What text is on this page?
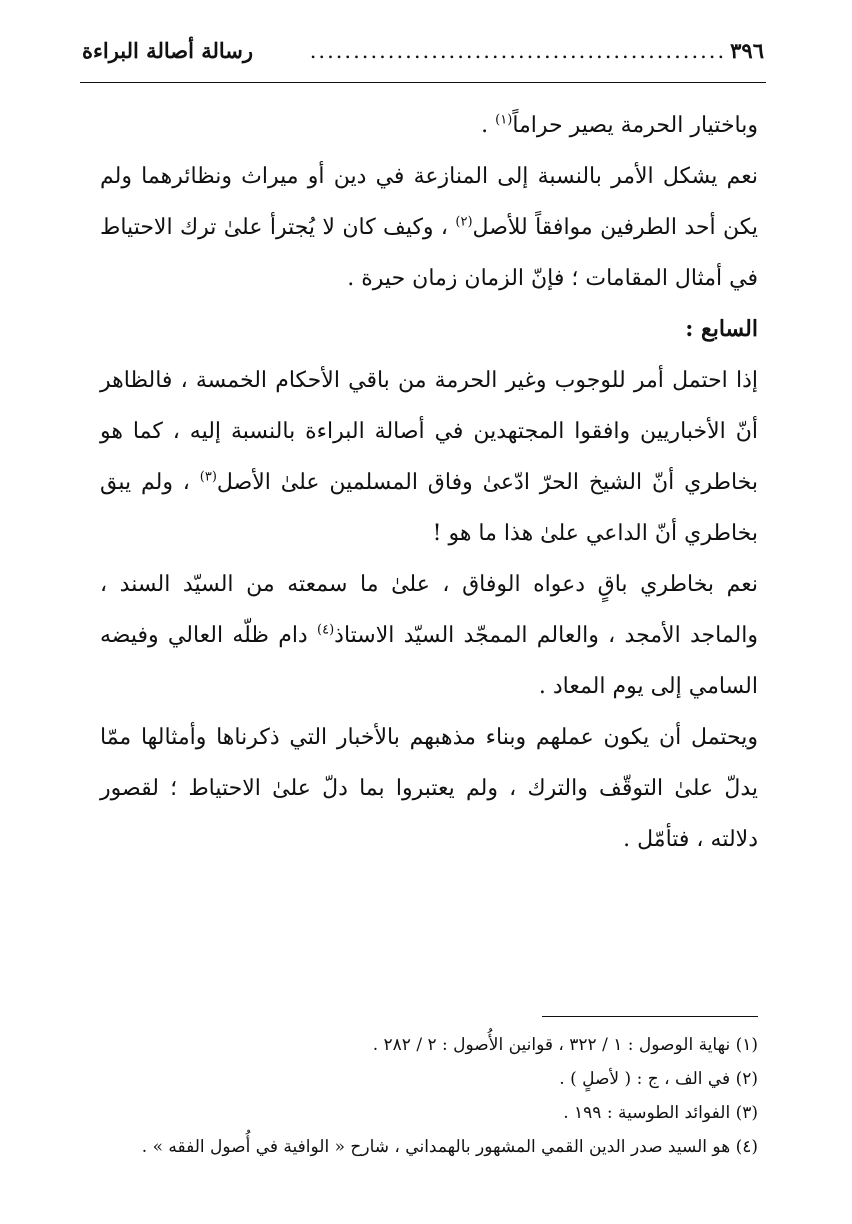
٣٩٦
................................................
رسالة أصالة البراءة

وباختيار الحرمة يصير حراماً$^{(١)}$ .

نعم يشكل الأمر بالنسبة إلى المنازعة في دين أو ميراث ونظائرهما ولم يكن أحد الطرفين موافقاً للأصل$^{(٢)}$ ، وكيف كان لا يُجترأ علىٰ ترك الاحتياط في أمثال المقامات ؛ فإنّ الزمان زمان حيرة .

السابع :

إذا احتمل أمر للوجوب وغير الحرمة من باقي الأحكام الخمسة ، فالظاهر أنّ الأخباريين وافقوا المجتهدين في أصالة البراءة بالنسبة إليه ، كما هو بخاطري أنّ الشيخ الحرّ ادّعىٰ وفاق المسلمين علىٰ الأصل$^{(٣)}$ ، ولم يبق بخاطري أنّ الداعي علىٰ هذا ما هو !

نعم بخاطري باقٍ دعواه الوفاق ، علىٰ ما سمعته من السيّد السند ، والماجد الأمجد ، والعالم الممجّد السيّد الاستاذ$^{(٤)}$ دام ظلّه العالي وفيضه السامي إلى يوم المعاد .

ويحتمل أن يكون عملهم وبناء مذهبهم بالأخبار التي ذكرناها وأمثالها ممّا يدلّ علىٰ التوقّف والترك ، ولم يعتبروا بما دلّ علىٰ الاحتياط ؛ لقصور دلالته ، فتأمّل .

(١) نهاية الوصول : ١ / ٣٢٢ ، قوانين الأُصول : ٢ / ٢٨٢ .
(٢) في الف ، ج : ( لأصلٍ ) .
(٣) الفوائد الطوسية : ١٩٩ .
(٤) هو السيد صدر الدين القمي المشهور بالهمداني ، شارح « الوافية في أُصول الفقه » .
